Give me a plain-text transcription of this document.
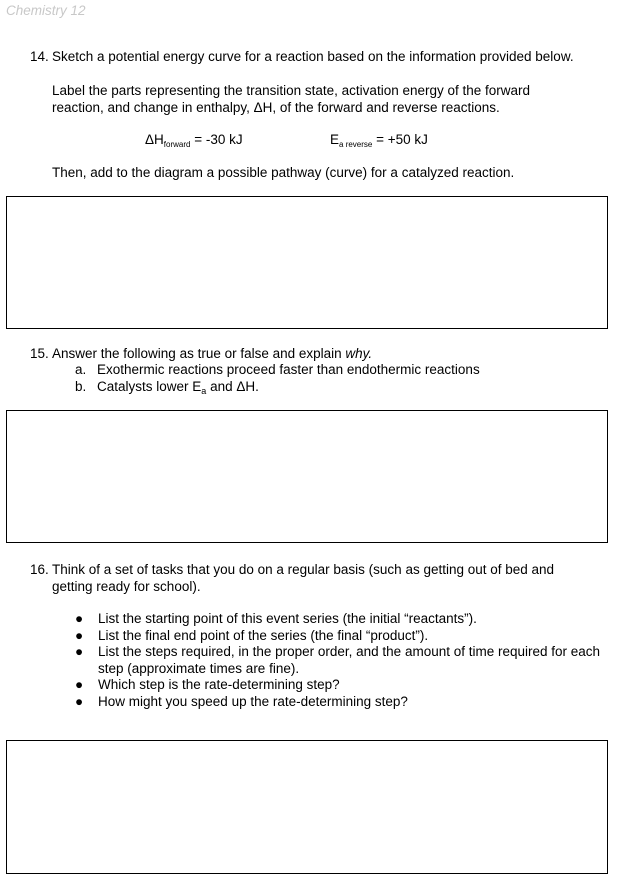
Chemistry 12
14. Sketch a potential energy curve for a reaction based on the information provided below.
Label the parts representing the transition state, activation energy of the forward
reaction, and change in enthalpy, ΔH, of the forward and reverse reactions.
$\Delta H_{forward} = -30$ kJ	$E_{a reverse} = +50$ kJ
Then, add to the diagram a possible pathway (curve) for a catalyzed reaction.
15. Answer the following as true or false and explain why.
a. Exothermic reactions proceed faster than endothermic reactions
b. Catalysts lower $E_a$ and ΔH.
16. Think of a set of tasks that you do on a regular basis (such as getting out of bed and
getting ready for school).
● List the starting point of this event series (the initial “reactants”).
● List the final end point of the series (the final “product”).
● List the steps required, in the proper order, and the amount of time required for each step (approximate times are fine).
● Which step is the rate-determining step?
● How might you speed up the rate-determining step?
